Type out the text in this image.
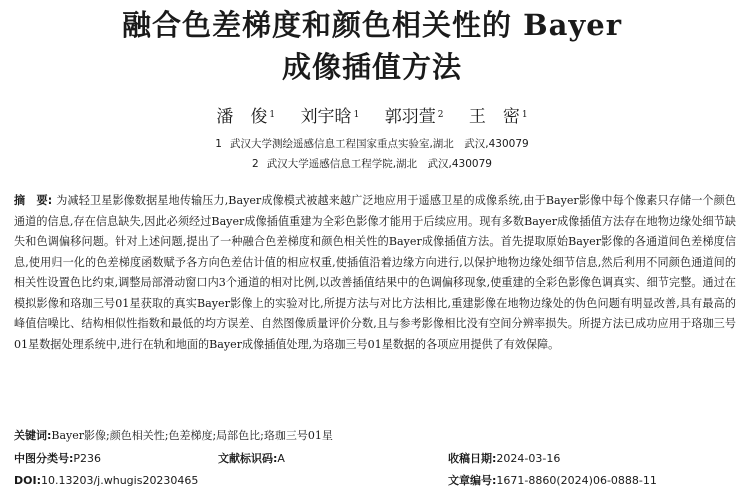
融合色差梯度和颜色相关性的 Bayer
成像插值方法
潘　俊 $^1$ 刘宇晗 $^1$ 郭羽萱 $^2$ 王　密 $^1$
1 武汉大学测绘遥感信息工程国家重点实验室,湖北　武汉,430079
2 武汉大学遥感信息工程学院,湖北　武汉,430079
摘　要: 为减轻卫星影像数据星地传输压力,Bayer成像模式被越来越广泛地应用于遥感卫星的成像系统,由于Bayer影像中每个像素只存储一个颜色通道的信息,存在信息缺失,因此必须经过Bayer成像插值重建为全彩色影像才能用于后续应用。现有多数Bayer成像插值方法存在地物边缘处细节缺失和色调偏移问题。针对上述问题,提出了一种融合色差梯度和颜色相关性的Bayer成像插值方法。首先提取原始Bayer影像的各通道间色差梯度信息,使用归一化的色差梯度函数赋予各方向色差估计值的相应权重,使插值沿着边缘方向进行,以保护地物边缘处细节信息,然后利用不同颜色通道间的相关性设置色比约束,调整局部滑动窗口内3个通道的相对比例,以改善插值结果中的色调偏移现象,使重建的全彩色影像色调真实、细节完整。通过在模拟影像和珞珈三号01星获取的真实Bayer影像上的实验对比,所提方法与对比方法相比,重建影像在地物边缘处的伪色问题有明显改善,具有最高的峰值信噪比、结构相似性指数和最低的均方误差、自然图像质量评价分数,且与参考影像相比没有空间分辨率损失。所提方法已成功应用于珞珈三号01星数据处理系统中,进行在轨和地面的Bayer成像插值处理,为珞珈三号01星数据的各项应用提供了有效保障。
关键词:Bayer影像;颜色相关性;色差梯度;局部色比;珞珈三号01星
中图分类号:P236	文献标识码:A	收稿日期:2024-03-16
DOI:10.13203/j.whugis20230465	文章编号:1671-8860(2024)06-0888-11
